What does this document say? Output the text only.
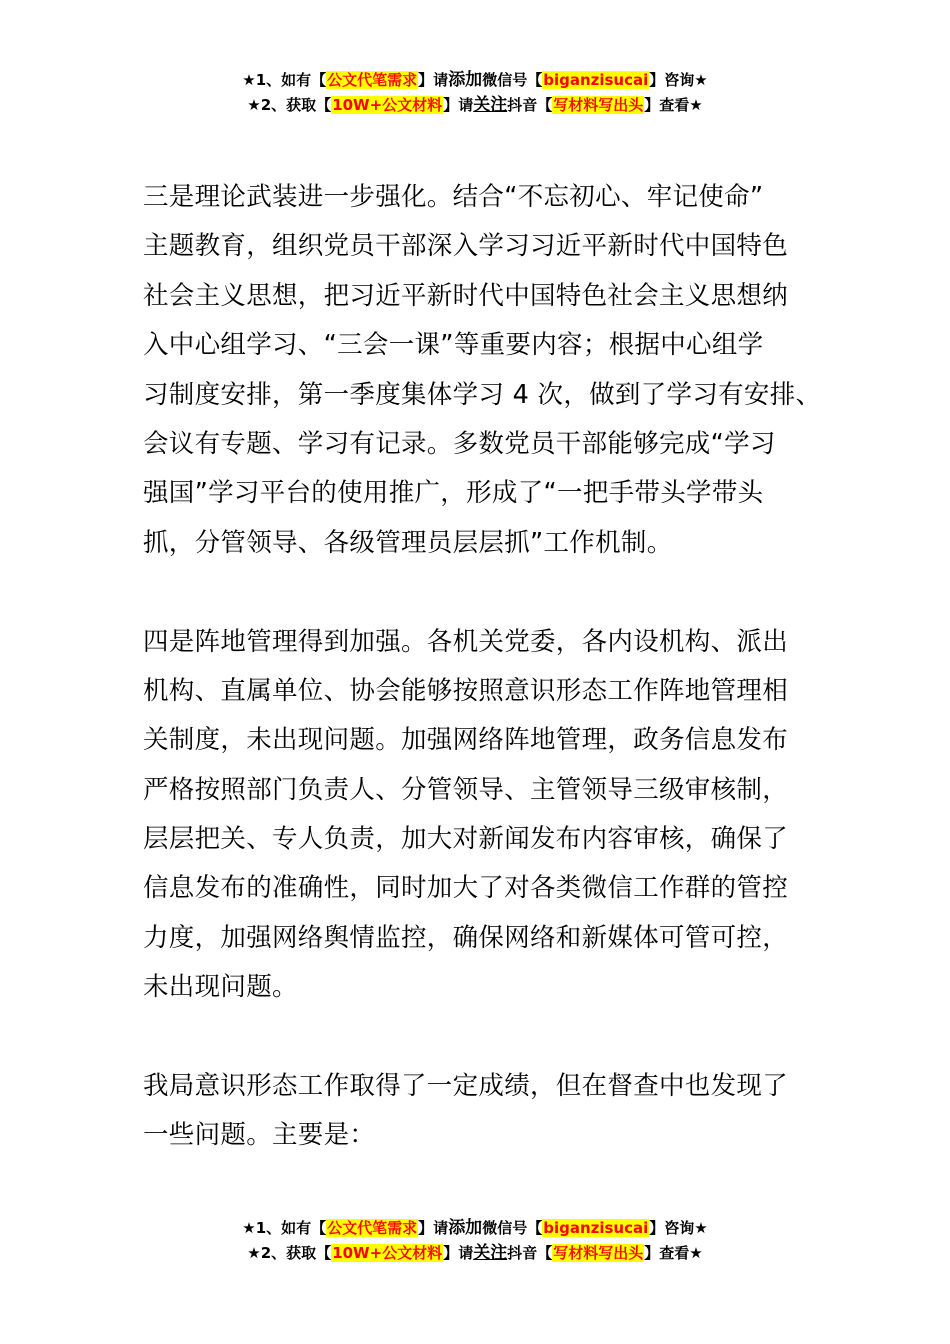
★1、如有【公文代笔需求】请添加微信号【biganzisucai】咨询★
★2、获取【10W+公文材料】请关注抖音【写材料写出头】查看★

三是理论武装进一步强化。结合“不忘初心、牢记使命”
主题教育，组织党员干部深入学习习近平新时代中国特色
社会主义思想，把习近平新时代中国特色社会主义思想纳
入中心组学习、“三会一课”等重要内容；根据中心组学
习制度安排，第一季度集体学习 4 次，做到了学习有安排、
会议有专题、学习有记录。多数党员干部能够完成“学习
强国”学习平台的使用推广，形成了“一把手带头学带头
抓，分管领导、各级管理员层层抓”工作机制。

四是阵地管理得到加强。各机关党委，各内设机构、派出
机构、直属单位、协会能够按照意识形态工作阵地管理相
关制度，未出现问题。加强网络阵地管理，政务信息发布
严格按照部门负责人、分管领导、主管领导三级审核制，
层层把关、专人负责，加大对新闻发布内容审核，确保了
信息发布的准确性，同时加大了对各类微信工作群的管控
力度，加强网络舆情监控，确保网络和新媒体可管可控，
未出现问题。

我局意识形态工作取得了一定成绩，但在督查中也发现了
一些问题。主要是：

★1、如有【公文代笔需求】请添加微信号【biganzisucai】咨询★
★2、获取【10W+公文材料】请关注抖音【写材料写出头】查看★
